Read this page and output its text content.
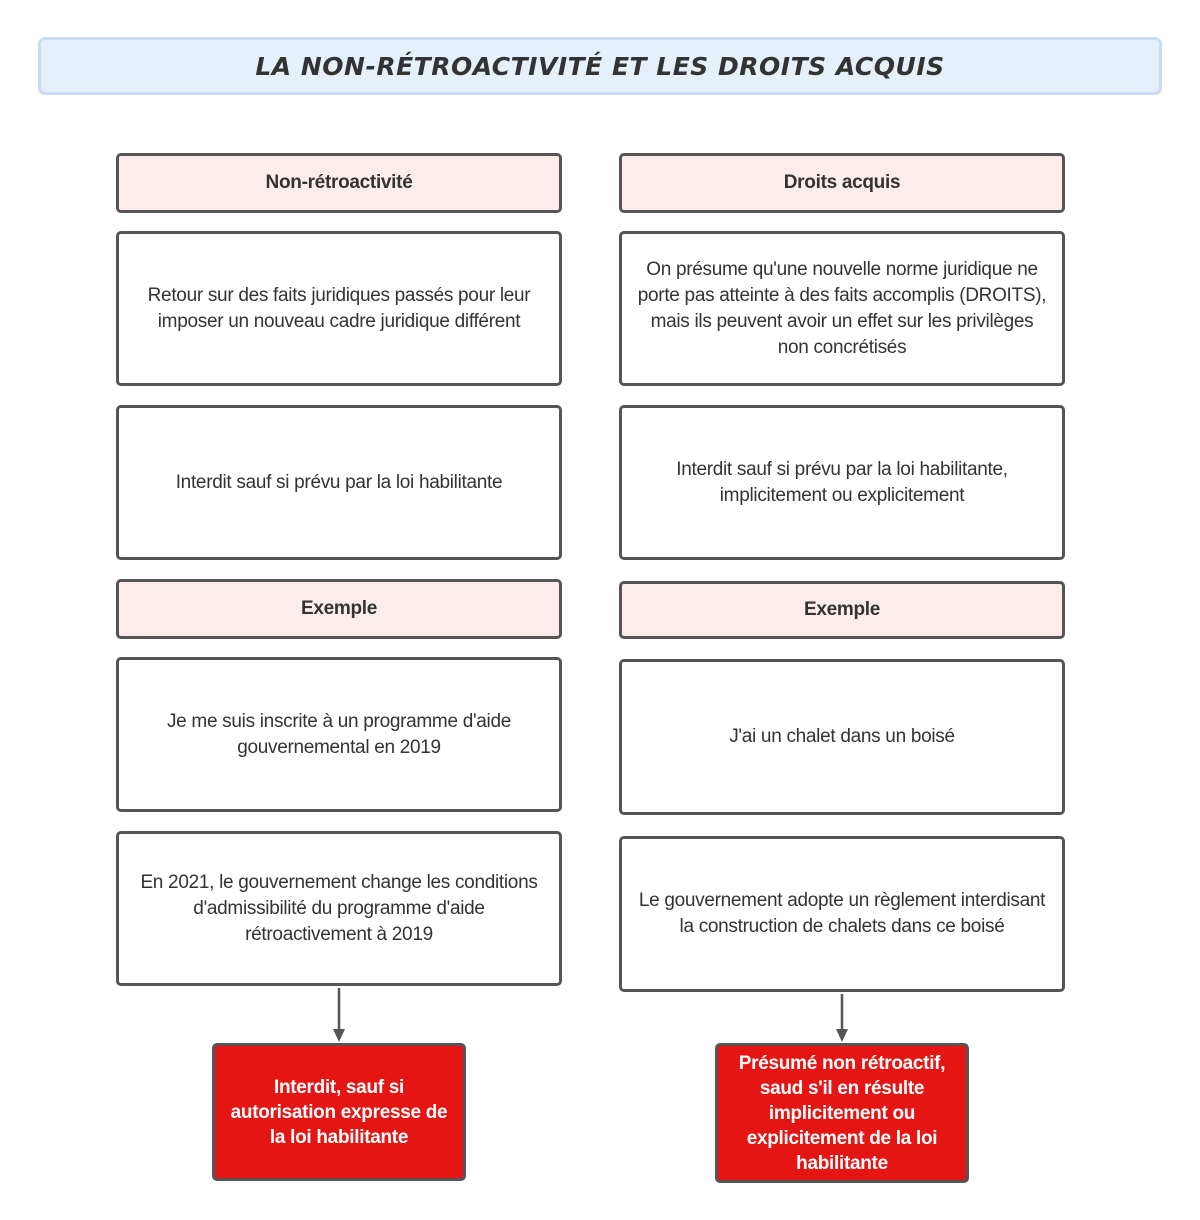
LA NON-RÉTROACTIVITÉ ET LES DROITS ACQUIS
Non-rétroactivité
Retour sur des faits juridiques passés pour leur imposer un nouveau cadre juridique différent
Interdit sauf si prévu par la loi habilitante
Exemple
Je me suis inscrite à un programme d'aide gouvernemental en 2019
En 2021, le gouvernement change les conditions d'admissibilité du programme d'aide rétroactivement à 2019
Interdit, sauf si autorisation expresse de la loi habilitante
Droits acquis
On présume qu'une nouvelle norme juridique ne porte pas atteinte à des faits accomplis (DROITS), mais ils peuvent avoir un effet sur les privilèges non concrétisés
Interdit sauf si prévu par la loi habilitante, implicitement ou explicitement
Exemple
J'ai un chalet dans un boisé
Le gouvernement adopte un règlement interdisant la construction de chalets dans ce boisé
Présumé non rétroactif, saud s'il en résulte implicitement ou explicitement de la loi habilitante
